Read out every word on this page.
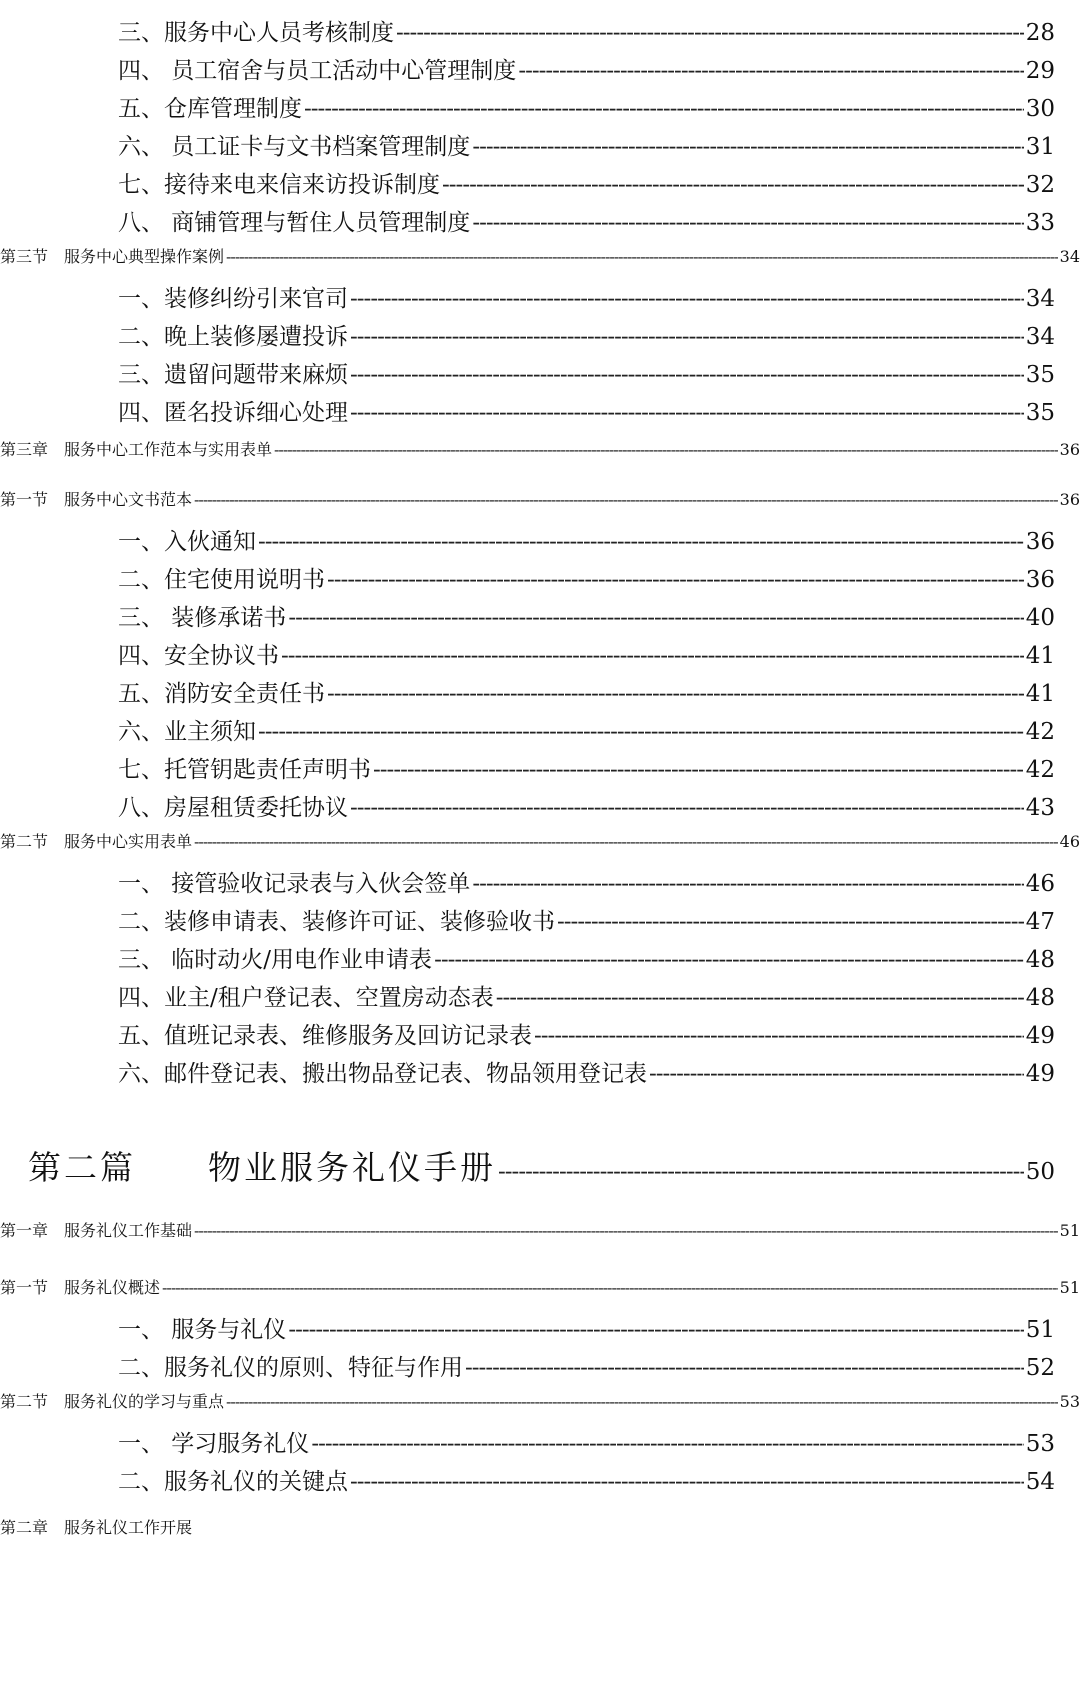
三、服务中心人员考核制度 -----	28
四、 员工宿舍与员工活动中心管理制度 -----	29
五、仓库管理制度 -----	30
六、 员工证卡与文书档案管理制度 -----	31
七、接待来电来信来访投诉制度 -----	32
八、 商铺管理与暂住人员管理制度 -----	33
第三节　服务中心典型操作案例 -----	34
一、装修纠纷引来官司 -----	34
二、晚上装修屡遭投诉 -----	34
三、遗留问题带来麻烦 -----	35
四、匿名投诉细心处理 -----	35
第三章　服务中心工作范本与实用表单 -----	36
第一节　服务中心文书范本 -----	36
一、入伙通知 -----	36
二、住宅使用说明书 -----	36
三、 装修承诺书 -----	40
四、安全协议书 -----	41
五、消防安全责任书 -----	41
六、业主须知 -----	42
七、托管钥匙责任声明书 -----	42
八、房屋租赁委托协议 -----	43
第二节　服务中心实用表单 -----	46
一、 接管验收记录表与入伙会签单 -----	46
二、装修申请表、装修许可证、装修验收书 -----	47
三、 临时动火/用电作业申请表 -----	48
四、业主/租户登记表、空置房动态表 -----	48
五、值班记录表、维修服务及回访记录表 -----	49
六、邮件登记表、搬出物品登记表、物品领用登记表 -----	49
第二篇　　物业服务礼仪手册 -----	50
第一章　服务礼仪工作基础 -----	51
第一节　服务礼仪概述 -----	51
一、 服务与礼仪 -----	51
二、服务礼仪的原则、特征与作用 -----	52
第二节　服务礼仪的学习与重点 -----	53
一、 学习服务礼仪 -----	53
二、服务礼仪的关键点 -----	54
第二章　服务礼仪工作开展
